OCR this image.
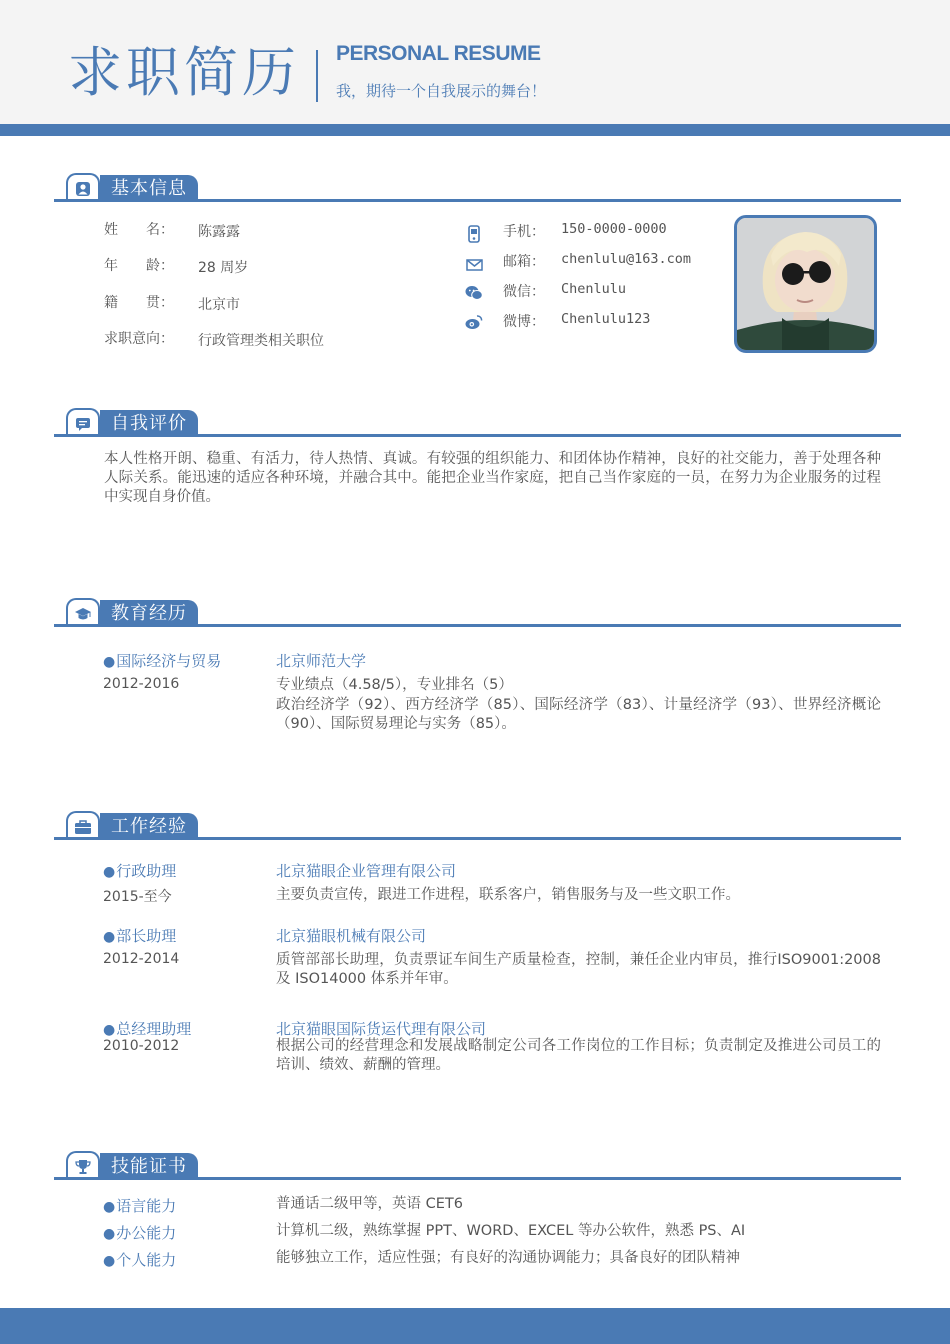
求职简历 PERSONAL RESUME
我，期待一个自我展示的舞台！
基本信息
姓　　名：	陈露露
年　　龄：	28 周岁
籍　　贯：	北京市
求职意向：	行政管理类相关职位
手机： 150-0000-0000
邮箱： chenlulu@163.com
微信： Chenlulu
微博： Chenlulu123
自我评价
本人性格开朗、稳重、有活力，待人热情、真诚。有较强的组织能力、和团体协作精神，良好的社交能力，善于处理各种人际关系。能迅速的适应各种环境，并融合其中。能把企业当作家庭，把自己当作家庭的一员，在努力为企业服务的过程中实现自身价值。
教育经历
● 国际经济与贸易	北京师范大学
2012-2016	专业绩点（4.58/5），专业排名（5）
政治经济学（92）、西方经济学（85）、国际经济学（83）、计量经济学（93）、世界经济概论（90）、国际贸易理论与实务（85）。
工作经验
● 行政助理	北京猫眼企业管理有限公司
2015-至今	主要负责宣传，跟进工作进程，联系客户，销售服务与及一些文职工作。
● 部长助理	北京猫眼机械有限公司
2012-2014	质管部部长助理，负责票证车间生产质量检查，控制，兼任企业内审员，推行ISO9001:2008 及 ISO14000 体系并年审。
● 总经理助理	北京猫眼国际货运代理有限公司
2010-2012	根据公司的经营理念和发展战略制定公司各工作岗位的工作目标；负责制定及推进公司员工的培训、绩效、薪酬的管理。
技能证书
● 语言能力	普通话二级甲等，英语 CET6
● 办公能力	计算机二级，熟练掌握 PPT、WORD、EXCEL 等办公软件，熟悉 PS、AI
● 个人能力	能够独立工作，适应性强；有良好的沟通协调能力；具备良好的团队精神
